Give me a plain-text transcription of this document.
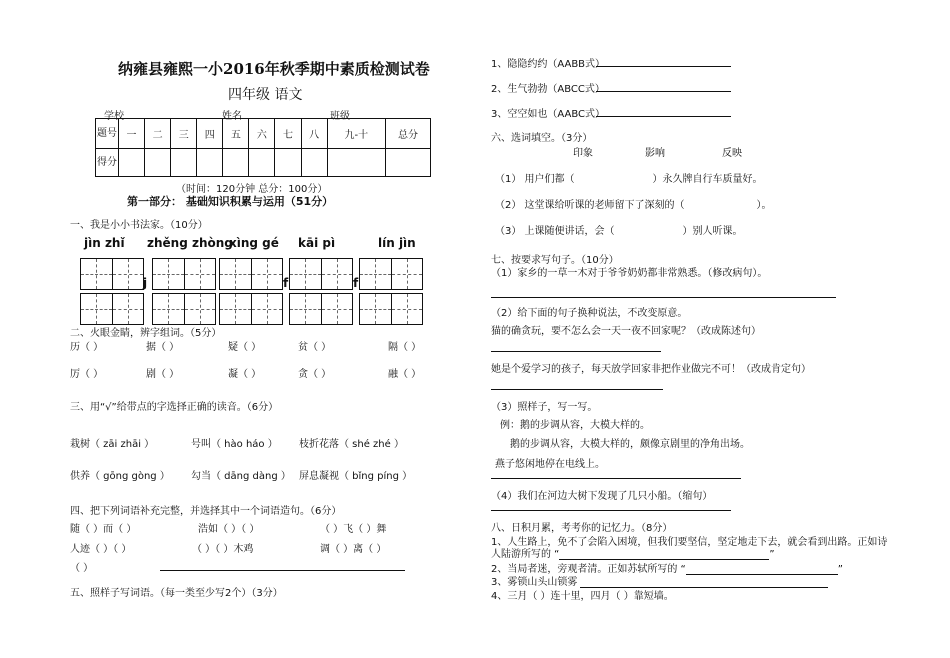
纳雍县雍熙一小2016年秋季期中素质检测试卷
四年级 语文
学校	姓名	班级
题号	一	二	三	四	五	六	七	八	九-十	总分
得分										
（时间：120分钟 总分：100分）
第一部分： 基础知识积累与运用（51分）
一、我是小小书法家。（10分）
jìn zhǐ zhěng zhòng
xìng gé kāi pì	lín jìn
j	f	f
二、火眼金睛，辨字组词。（5分）
历（ ）	据（ ）	疑（ ）	贫（ ）	隔（ ）
厉（ ）	剧（ ）	凝（ ）	贪（ ）	融（ ）
三、用“√”给带点的字选择正确的读音。（6分）
栽树（ zāi zhāi ）	号叫（ hào háo ） 枝折花落（ shé zhé ）
供养（ gōng gòng ） 勾当（ dāng dàng ） 屏息凝视（ bǐng píng ）
四、把下列词语补充完整，并选择其中一个词语造句。（6分）
随（ ）而（ ）	浩如（ ）（ ）	（ ）飞（ ）舞
人迹（ ）（ ）	（ ）（ ）木鸡	调（ ）离（ ）
（ ）
五、照样子写词语。（每一类至少写2个）（3分）
1、隐隐约约（AABB式）
2、生气勃勃（ABCC式）
3、空空如也（AABC式）
六、选词填空。（3分）
印象	影响	反映
（1） 用户们都（	）永久牌自行车质量好。
（2） 这堂课给听课的老师留下了深刻的（	）。
（3） 上课随便讲话，会（	）别人听课。
七、按要求写句子。（10分）
（1）家乡的一草一木对于爷爷奶奶都非常熟悉。（修改病句）。
（2）给下面的句子换种说法，不改变原意。
猫的确贪玩，要不怎么会一天一夜不回家呢？（改成陈述句）
她是个爱学习的孩子，每天放学回家非把作业做完不可！（改成肯定句）
（3）照样子，写一写。
例：鹅的步调从容，大模大样的。
鹅的步调从容，大模大样的，颇像京剧里的净角出场。
燕子悠闲地停在电线上。
（4）我们在河边大树下发现了几只小船。（缩句）
八、日积月累，考考你的记忆力。（8分）
1、人生路上，免不了会陷入困境，但我们要坚信，坚定地走下去，就会看到出路。正如诗
人陆游所写的 “	”
2、当局者迷，旁观者清。正如苏轼所写的 “	”
3、雾锁山头山锁雾
4、三月（ ）连十里，四月（ ）靠短墙。
